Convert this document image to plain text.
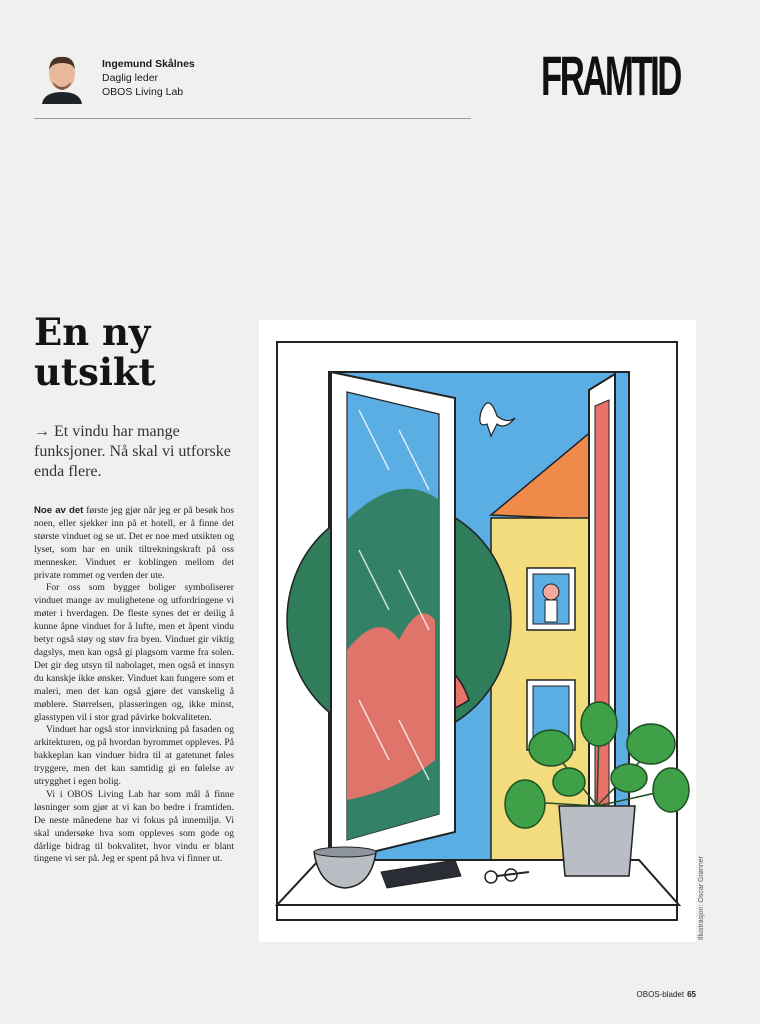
Ingemund Skålnes
Daglig leder
OBOS Living Lab	FRAMTID
En ny utsikt
→ Et vindu har mange funksjoner. Nå skal vi utforske enda flere.

Noe av det første jeg gjør når jeg er på besøk hos noen, eller sjekker inn på et hotell, er å finne det største vinduet og se ut. Det er noe med utsikten og lyset, som har en unik tiltrekningskraft på oss mennesker. Vinduet er koblingen mellom det private rommet og verden der ute.

For oss som bygger boliger symboliserer vinduet mange av mulighetene og utfordringene vi møter i hverdagen. De fleste synes det er deilig å kunne åpne vinduet for å lufte, men et åpent vindu betyr også støy og støv fra byen. Vinduet gir viktig dagslys, men kan også gi plagsom varme fra solen. Det gir deg utsyn til nabolaget, men også et innsyn du kanskje ikke ønsker. Vinduet kan fungere som et maleri, men det kan også gjøre det vanskelig å møblere. Størrelsen, plasseringen og, ikke minst, glasstypen vil i stor grad påvirke bokvaliteten.

Vinduet har også stor innvirkning på fasaden og arkitekturen, og på hvordan byrommet oppleves. På bakkeplan kan vinduer bidra til at gatetunet føles tryggere, men det kan samtidig gi en følelse av utrygghet i egen bolig.

Vi i OBOS Living Lab har som mål å finne løsninger som gjør at vi kan bo bedre i framtiden. De neste månedene har vi fokus på innemiljø. Vi skal undersøke hva som oppleves som gode og dårlige bidrag til bokvalitet, hvor vindu er blant tingene vi ser på. Jeg er spent på hva vi finner ut.	Illustrasjon: Oscar Grønner
OBOS-bladet 65
